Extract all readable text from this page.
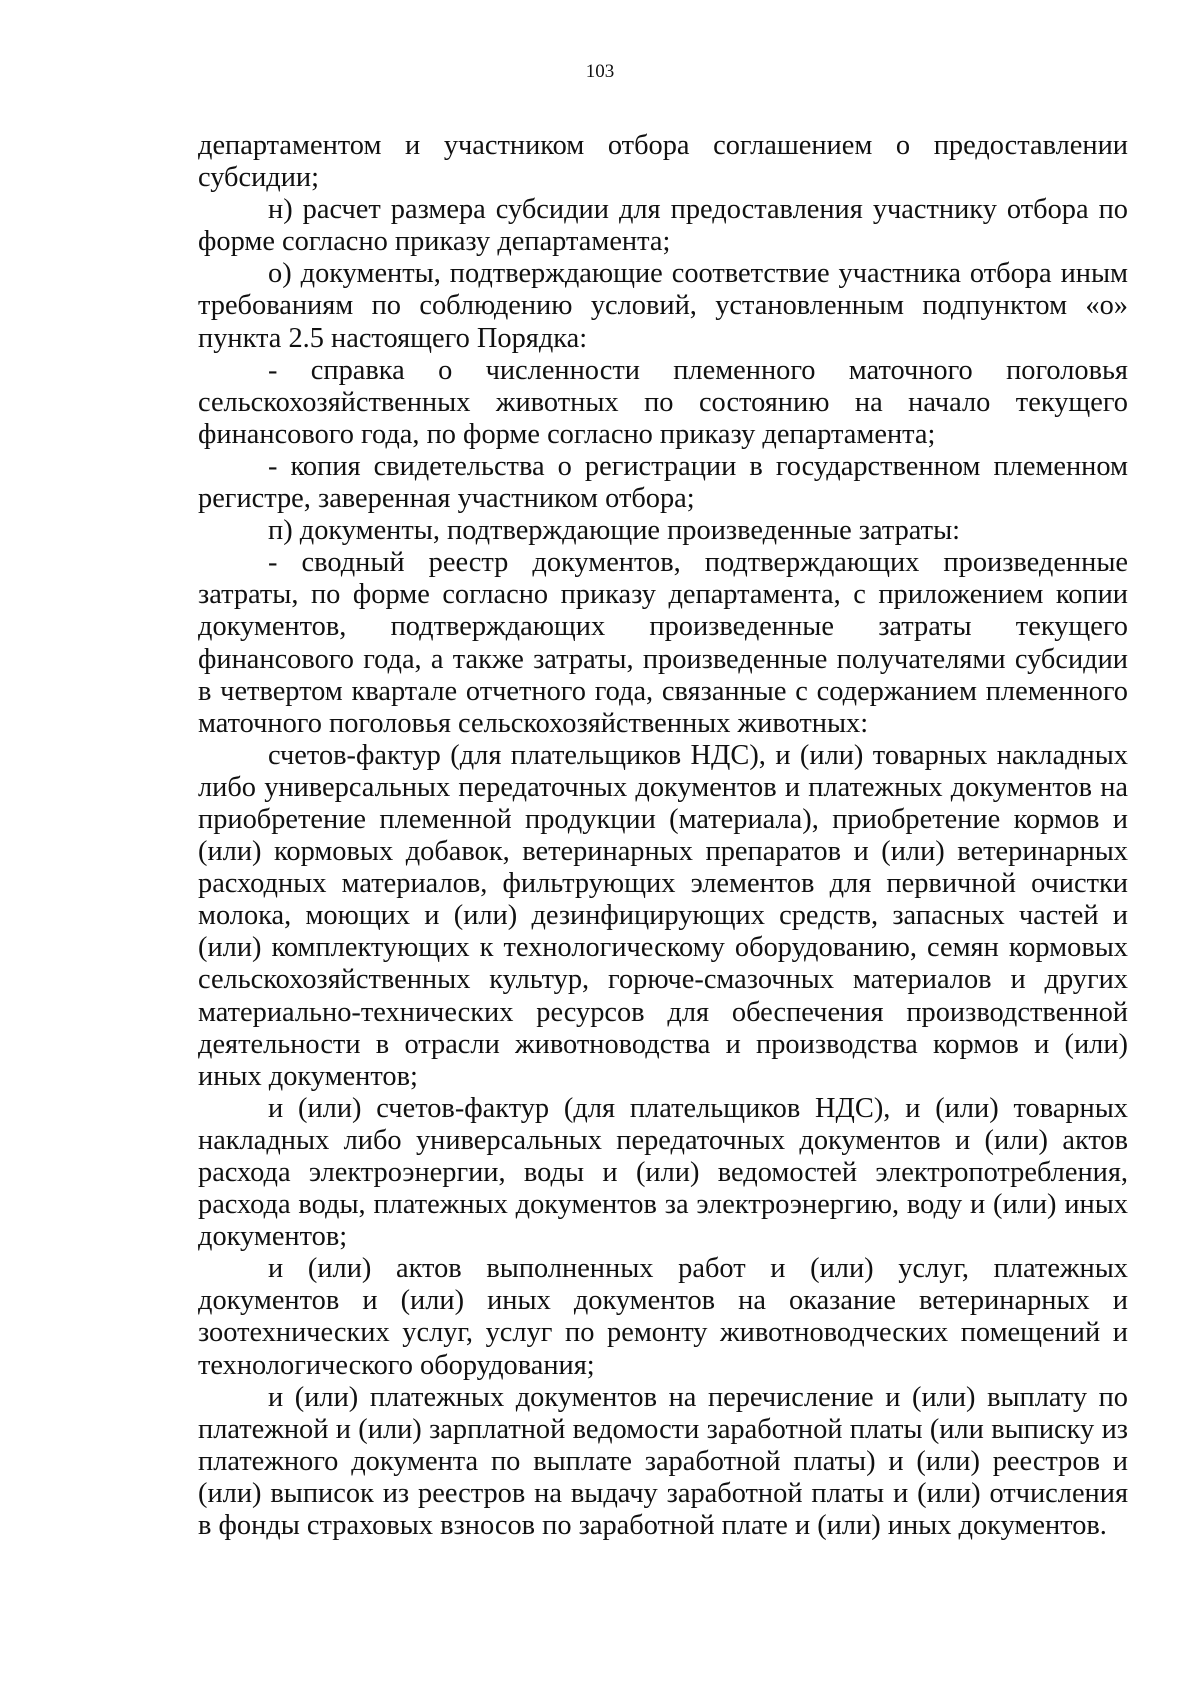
103

департаментом и участником отбора соглашением о предоставлении субсидии;

н) расчет размера субсидии для предоставления участнику отбора по форме согласно приказу департамента;

о) документы, подтверждающие соответствие участника отбора иным требованиям по соблюдению условий, установленным подпунктом «о» пункта 2.5 настоящего Порядка:

- справка о численности племенного маточного поголовья сельскохозяйственных животных по состоянию на начало текущего финансового года, по форме согласно приказу департамента;

- копия свидетельства о регистрации в государственном племенном регистре, заверенная участником отбора;

п) документы, подтверждающие произведенные затраты:

- сводный реестр документов, подтверждающих произведенные затраты, по форме согласно приказу департамента, с приложением копии документов, подтверждающих произведенные затраты текущего финансового года, а также затраты, произведенные получателями субсидии в четвертом квартале отчетного года, связанные с содержанием племенного маточного поголовья сельскохозяйственных животных:

счетов-фактур (для плательщиков НДС), и (или) товарных накладных либо универсальных передаточных документов и платежных документов на приобретение племенной продукции (материала), приобретение кормов и (или) кормовых добавок, ветеринарных препаратов и (или) ветеринарных расходных материалов, фильтрующих элементов для первичной очистки молока, моющих и (или) дезинфицирующих средств, запасных частей и (или) комплектующих к технологическому оборудованию, семян кормовых сельскохозяйственных культур, горюче-смазочных материалов и других материально-технических ресурсов для обеспечения производственной деятельности в отрасли животноводства и производства кормов и (или) иных документов;

и (или) счетов-фактур (для плательщиков НДС), и (или) товарных накладных либо универсальных передаточных документов и (или) актов расхода электроэнергии, воды и (или) ведомостей электропотребления, расхода воды, платежных документов за электроэнергию, воду и (или) иных документов;

и (или) актов выполненных работ и (или) услуг, платежных документов и (или) иных документов на оказание ветеринарных и зоотехнических услуг, услуг по ремонту животноводческих помещений и технологического оборудования;

и (или) платежных документов на перечисление и (или) выплату по платежной и (или) зарплатной ведомости заработной платы (или выписку из платежного документа по выплате заработной платы) и (или) реестров и (или) выписок из реестров на выдачу заработной платы и (или) отчисления в фонды страховых взносов по заработной плате и (или) иных документов.
